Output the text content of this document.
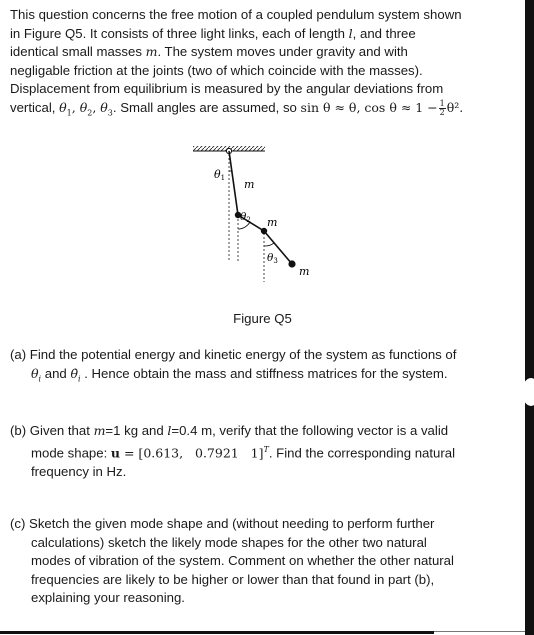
This question concerns the free motion of a coupled pendulum system shown
in Figure Q5. It consists of three light links, each of length l, and three
identical small masses m. The system moves under gravity and with
negligable friction at the joints (two of which coincide with the masses).
Displacement from equilibrium is measured by the angular deviations from
vertical, $\theta_1$, $\theta_2$, $\theta_3$. Small angles are assumed, so sin θ ≈ θ, $\cos \theta \approx 1 - \frac{1}{2} \theta^2$.
θ1 m
θ2 m
θ3
m
Figure Q5
(a) Find the potential energy and kinetic energy of the system as functions of
$\theta_i$ and $\thetȧ_i$ . Hence obtain the mass and stiffness matrices for the system.
(b) Given that m=1 kg and l=0.4 m, verify that the following vector is a valid
mode shape: u = [0.613,   0.7921   1]$^T$. Find the corresponding natural
frequency in Hz.
(c) Sketch the given mode shape and (without needing to perform further
calculations) sketch the likely mode shapes for the other two natural
modes of vibration of the system. Comment on whether the other natural
frequencies are likely to be higher or lower than that found in part (b),
explaining your reasoning.
